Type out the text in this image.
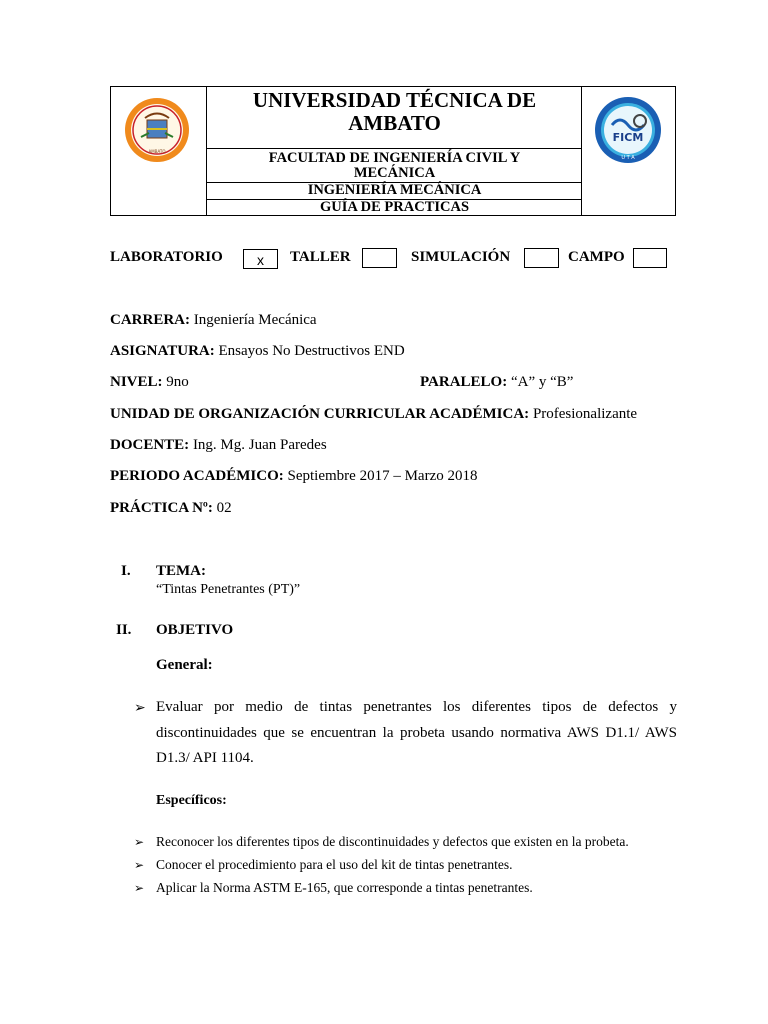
AMBATO
UNIVERSIDAD TÉCNICA DE
AMBATO
FACULTAD DE INGENIERÍA CIVIL Y
MECÁNICA
INGENIERÍA MECÁNICA
GUÍA DE PRACTICAS
FICM
U T A
LABORATORIO	x	TALLER	SIMULACIÓN	CAMPO
CARRERA: Ingeniería Mecánica
ASIGNATURA: Ensayos No Destructivos END
NIVEL: 9no	PARALELO: “A” y “B”
UNIDAD DE ORGANIZACIÓN CURRICULAR ACADÉMICA: Profesionalizante
DOCENTE: Ing. Mg. Juan Paredes
PERIODO ACADÉMICO: Septiembre 2017 – Marzo 2018
PRÁCTICA Nº: 02
I. TEMA:
“Tintas Penetrantes (PT)”
II. OBJETIVO
General:
➢ Evaluar por medio de tintas penetrantes los diferentes tipos de defectos y
discontinuidades que se encuentran la probeta usando normativa AWS D1.1/ AWS
D1.3/ API 1104.
Específicos:
➢ Reconocer los diferentes tipos de discontinuidades y defectos que existen en la probeta.
➢ Conocer el procedimiento para el uso del kit de tintas penetrantes.
➢ Aplicar la Norma ASTM E-165, que corresponde a tintas penetrantes.
